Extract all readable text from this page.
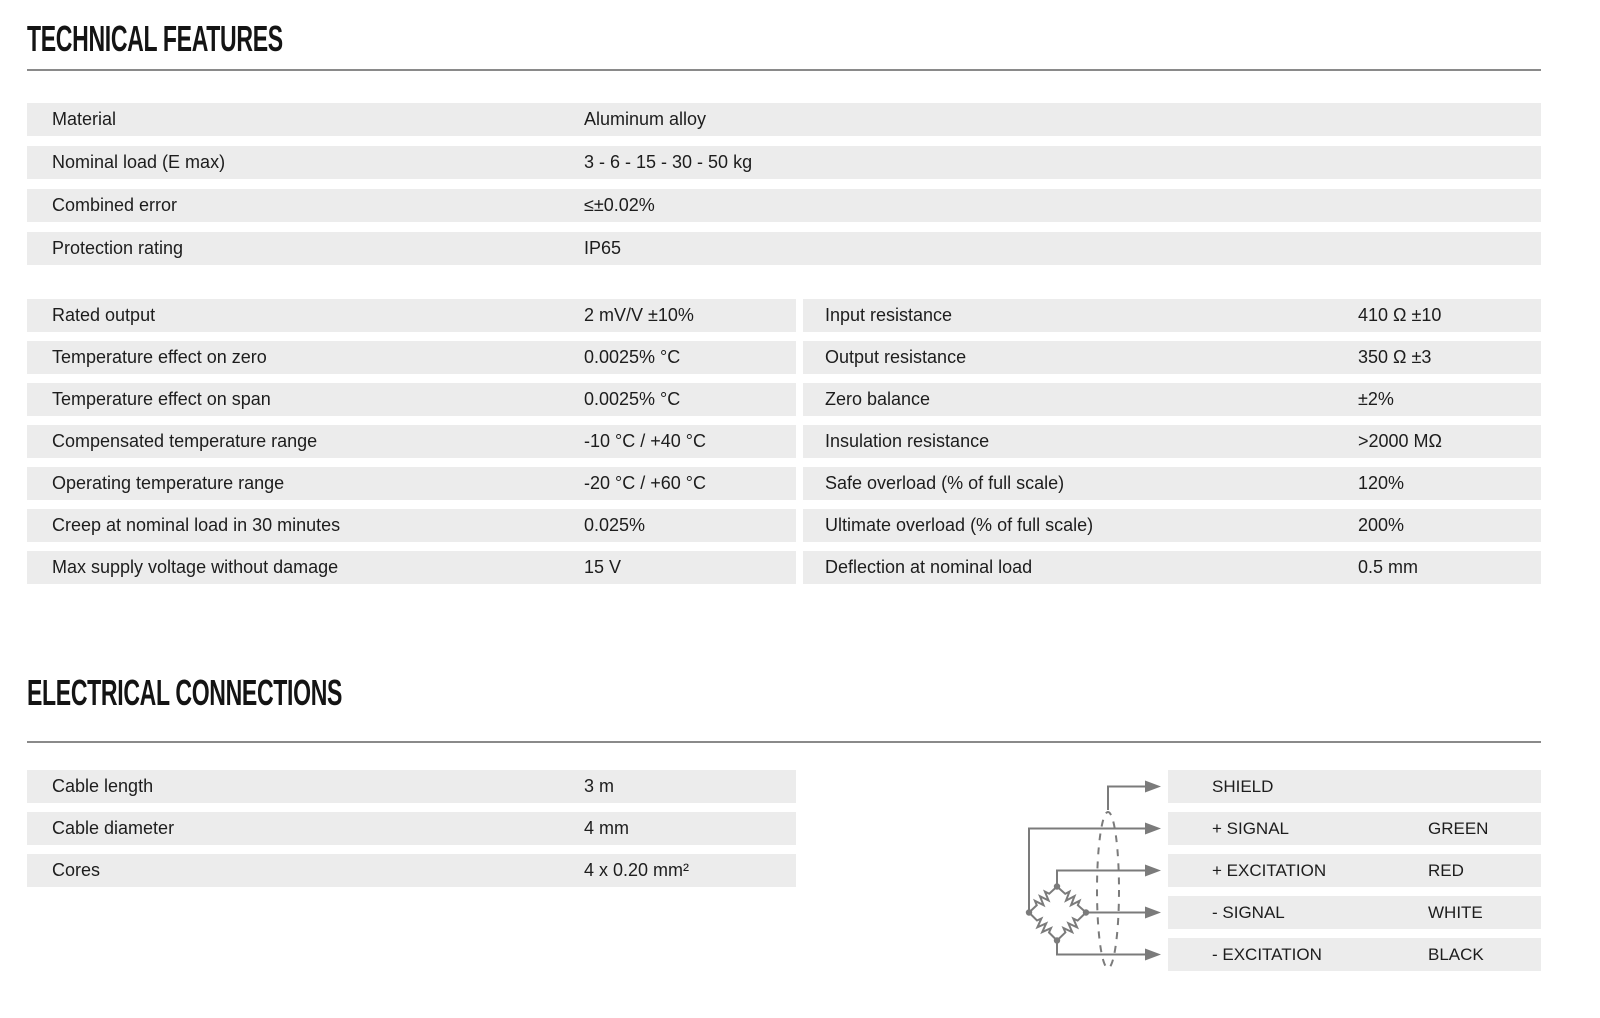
TECHNICAL FEATURES
Material	Aluminum alloy
Nominal load (E max)	3 - 6 - 15 - 30 - 50 kg
Combined error	≤±0.02%
Protection rating	IP65
Rated output	2 mV/V ±10%
Temperature effect on zero	0.0025% °C
Temperature effect on span	0.0025% °C
Compensated temperature range	-10 °C / +40 °C
Operating temperature range	-20 °C / +60 °C
Creep at nominal load in 30 minutes	0.025%
Max supply voltage without damage	15 V
Input resistance	410 Ω ±10
Output resistance	350 Ω ±3
Zero balance	±2%
Insulation resistance	>2000 MΩ
Safe overload (% of full scale)	120%
Ultimate overload (% of full scale)	200%
Deflection at nominal load	0.5 mm
ELECTRICAL CONNECTIONS
Cable length	3 m
Cable diameter	4 mm
Cores	4 x 0.20 mm²
SHIELD
+ SIGNAL	GREEN
+ EXCITATION	RED
- SIGNAL	WHITE
- EXCITATION	BLACK
